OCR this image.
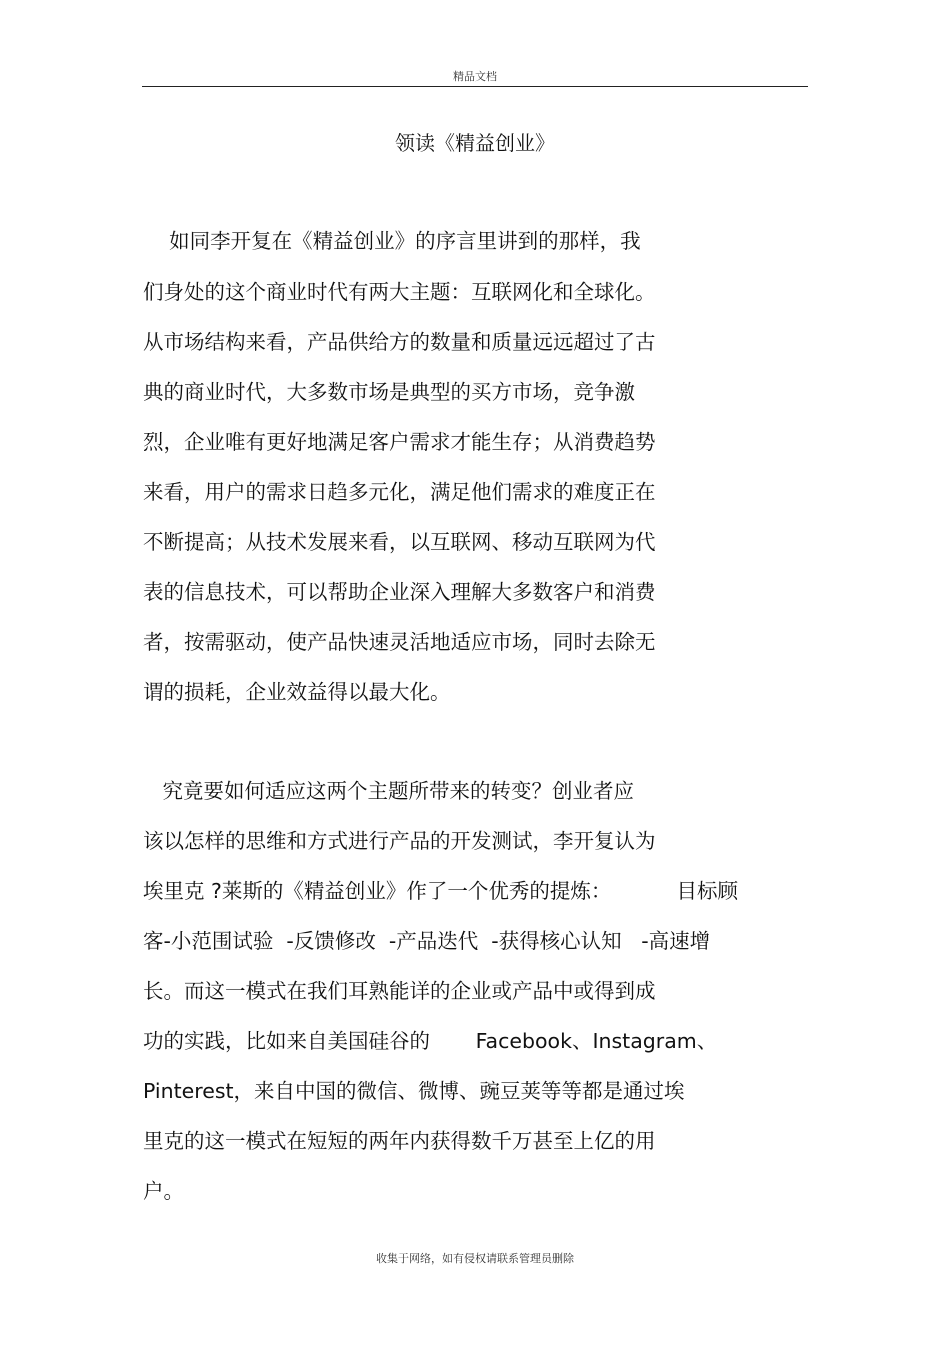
精品文档
领读《精益创业》
如同李开复在《精益创业》的序言里讲到的那样，我
们身处的这个商业时代有两大主题：互联网化和全球化。
从市场结构来看，产品供给方的数量和质量远远超过了古
典的商业时代，大多数市场是典型的买方市场，竞争激
烈，企业唯有更好地满足客户需求才能生存；从消费趋势
来看，用户的需求日趋多元化，满足他们需求的难度正在
不断提高；从技术发展来看，以互联网、移动互联网为代
表的信息技术，可以帮助企业深入理解大多数客户和消费
者，按需驱动，使产品快速灵活地适应市场，同时去除无
谓的损耗，企业效益得以最大化。
究竟要如何适应这两个主题所带来的转变？创业者应
该以怎样的思维和方式进行产品的开发测试，李开复认为
埃里克 ?莱斯的《精益创业》作了一个优秀的提炼：          目标顾
客-小范围试验  -反馈修改  -产品迭代  -获得核心认知   -高速增
长。而这一模式在我们耳熟能详的企业或产品中或得到成
功的实践，比如来自美国硅谷的       Facebook、Instagram、
Pinterest，来自中国的微信、微博、豌豆荚等等都是通过埃
里克的这一模式在短短的两年内获得数千万甚至上亿的用
户。
收集于网络，如有侵权请联系管理员删除
